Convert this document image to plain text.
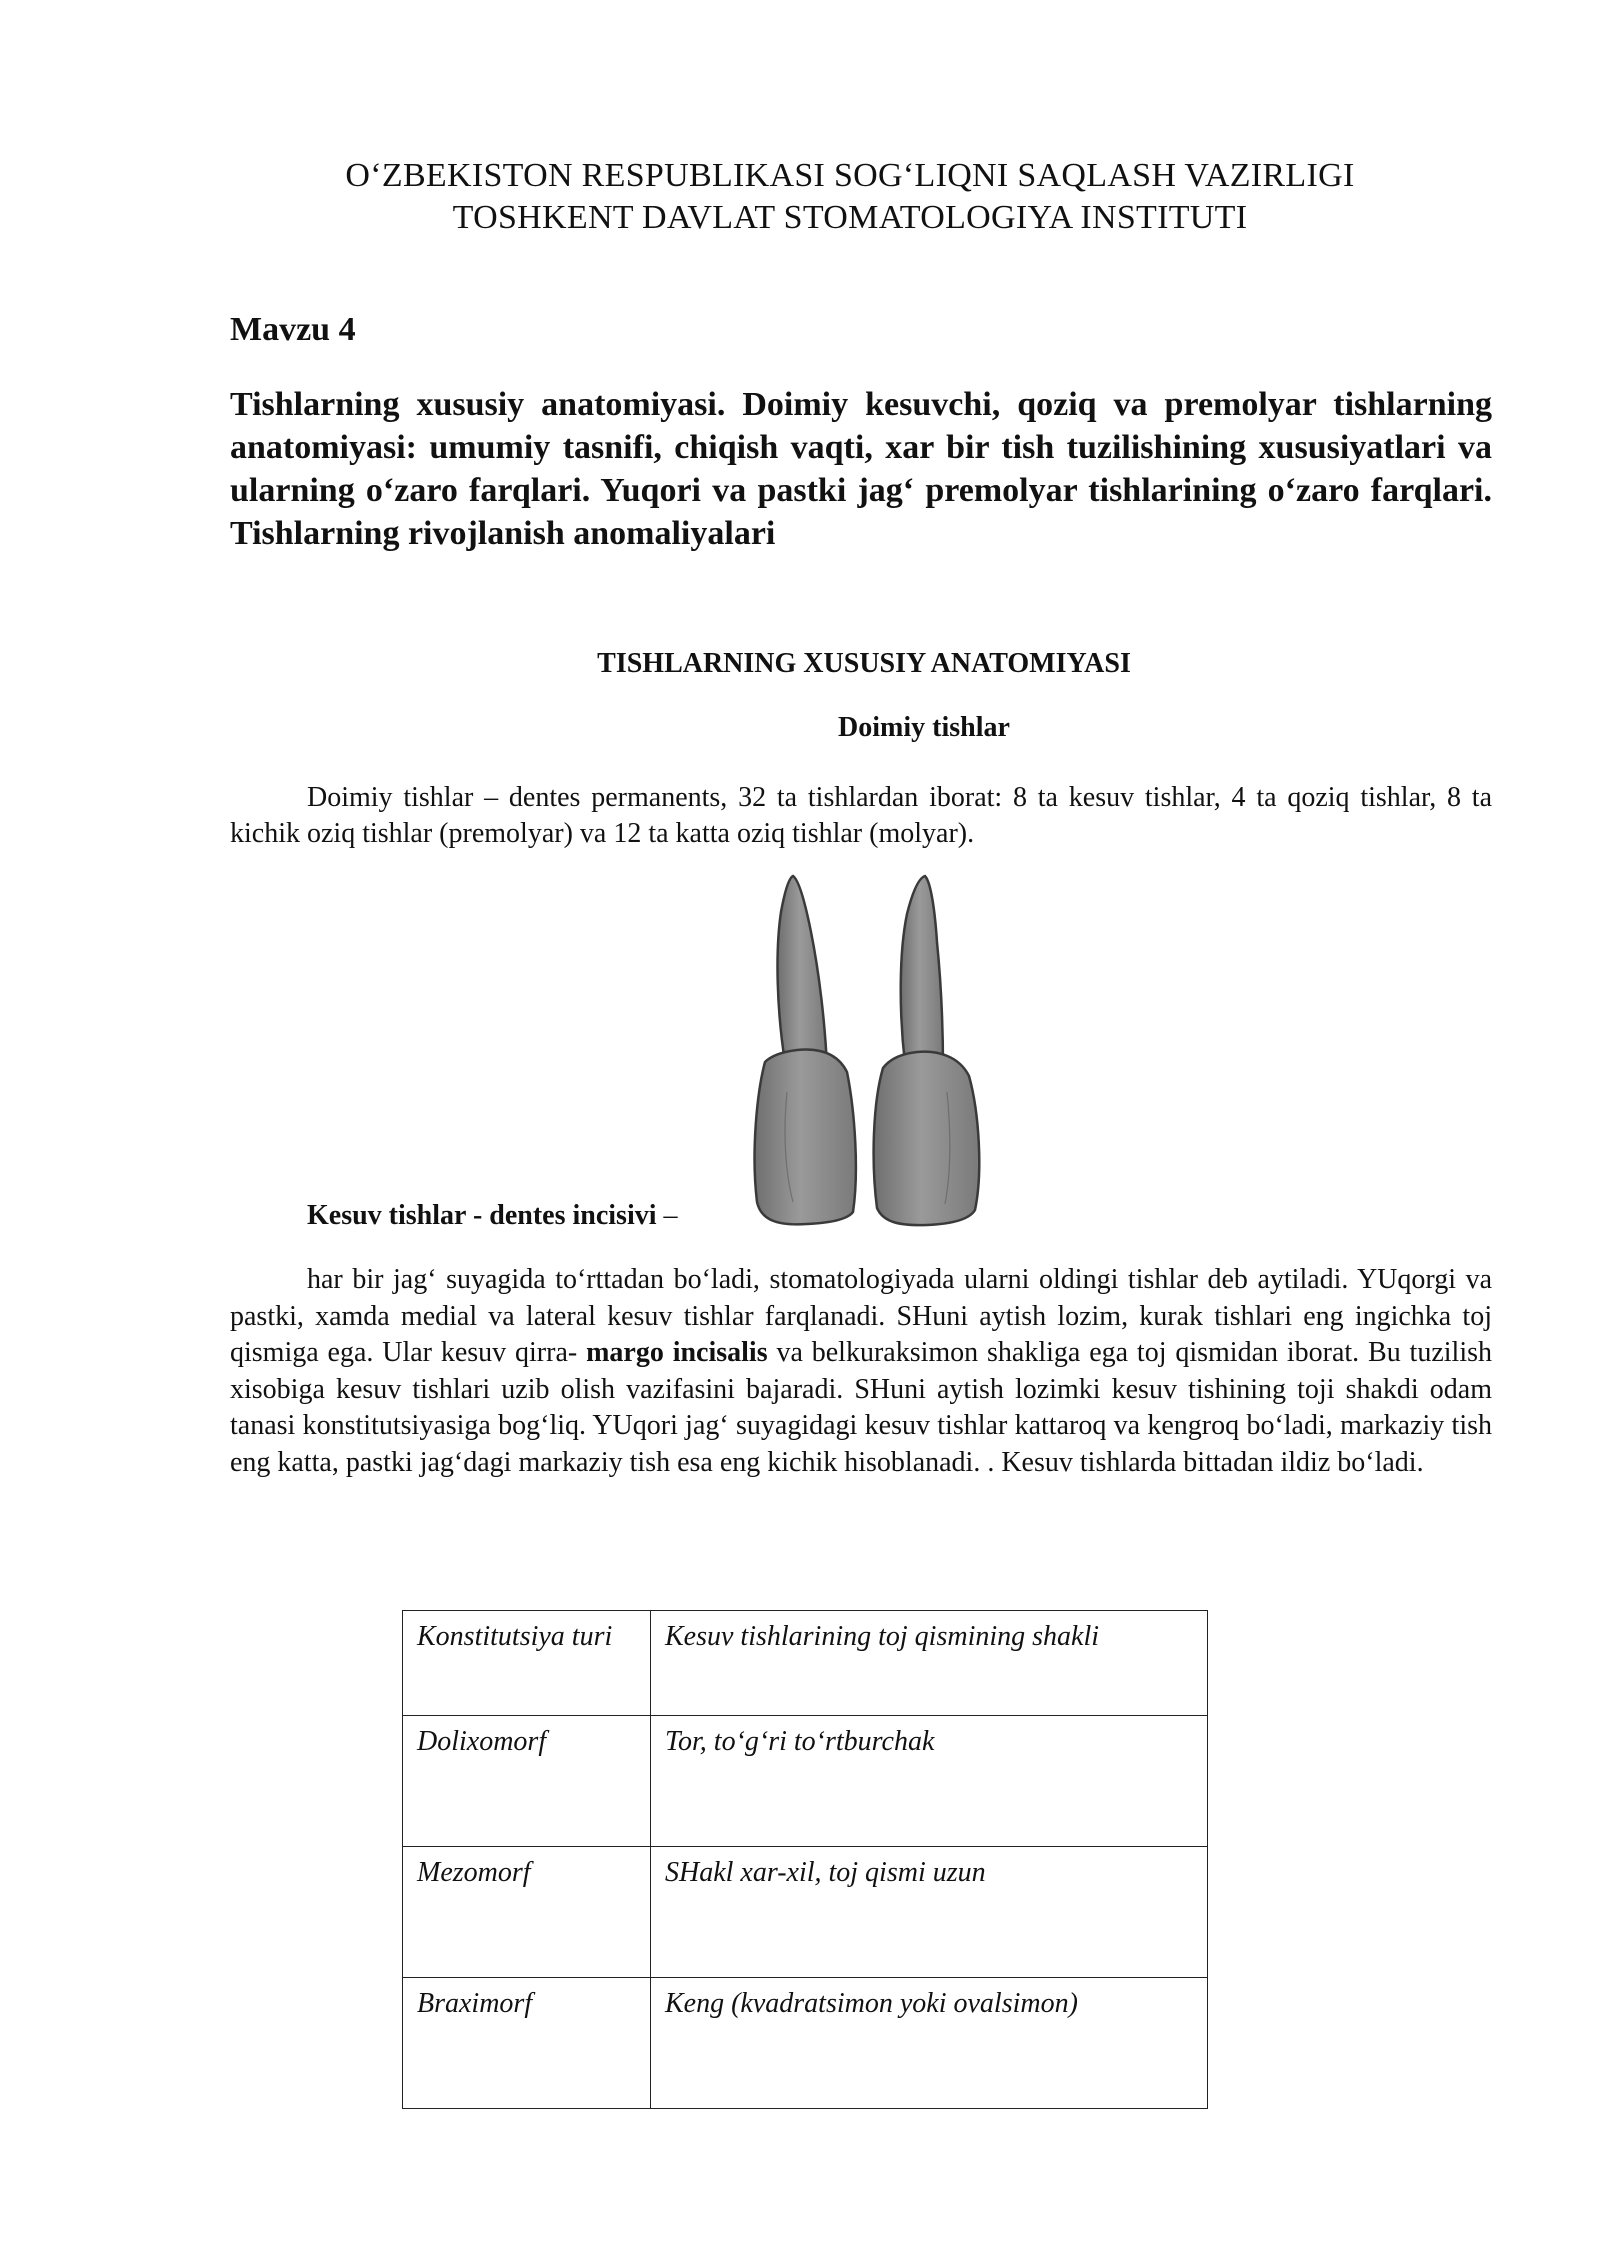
O‘ZBEKISTON RESPUBLIKASI SOG‘LIQNI SAQLASH VAZIRLIGI
TOSHKENT DAVLAT STOMATOLOGIYA INSTITUTI
Mavzu 4
Tishlarning xususiy anatomiyasi. Doimiy kesuvchi, qoziq va premolyar tishlarning anatomiyasi: umumiy tasnifi, chiqish vaqti, xar bir tish tuzilishining xususiyatlari va ularning o‘zaro farqlari. Yuqori va pastki jag‘ premolyar tishlarining o‘zaro farqlari. Tishlarning rivojlanish anomaliyalari
TISHLARNING XUSUSIY ANATOMIYASI
Doimiy tishlar
Doimiy tishlar – dentes permanents, 32 ta tishlardan iborat: 8 ta kesuv tishlar, 4 ta qoziq tishlar, 8 ta kichik oziq tishlar (premolyar) va 12 ta katta oziq tishlar (molyar).
Kesuv tishlar - dentes incisivi –
har bir jag‘ suyagida to‘rttadan bo‘ladi, stomatologiyada ularni oldingi tishlar deb aytiladi. YUqorgi va pastki, xamda medial va lateral kesuv tishlar farqlanadi. SHuni aytish lozim, kurak tishlari eng ingichka toj qismiga ega. Ular kesuv qirra- margo incisalis va belkuraksimon shakliga ega toj qismidan iborat. Bu tuzilish xisobiga kesuv tishlari uzib olish vazifasini bajaradi. SHuni aytish lozimki kesuv tishining toji shakdi odam tanasi konstitutsiyasiga bog‘liq. YUqori jag‘ suyagidagi kesuv tishlar kattaroq va kengroq bo‘ladi, markaziy tish eng katta, pastki jag‘dagi markaziy tish esa eng kichik hisoblanadi. . Kesuv tishlarda bittadan ildiz bo‘ladi.
Konstitutsiya turi	Kesuv tishlarining toj qismining shakli
Dolixomorf	Tor, to‘g‘ri to‘rtburchak
Mezomorf	SHakl xar-xil, toj qismi uzun
Braximorf	Keng (kvadratsimon yoki ovalsimon)
